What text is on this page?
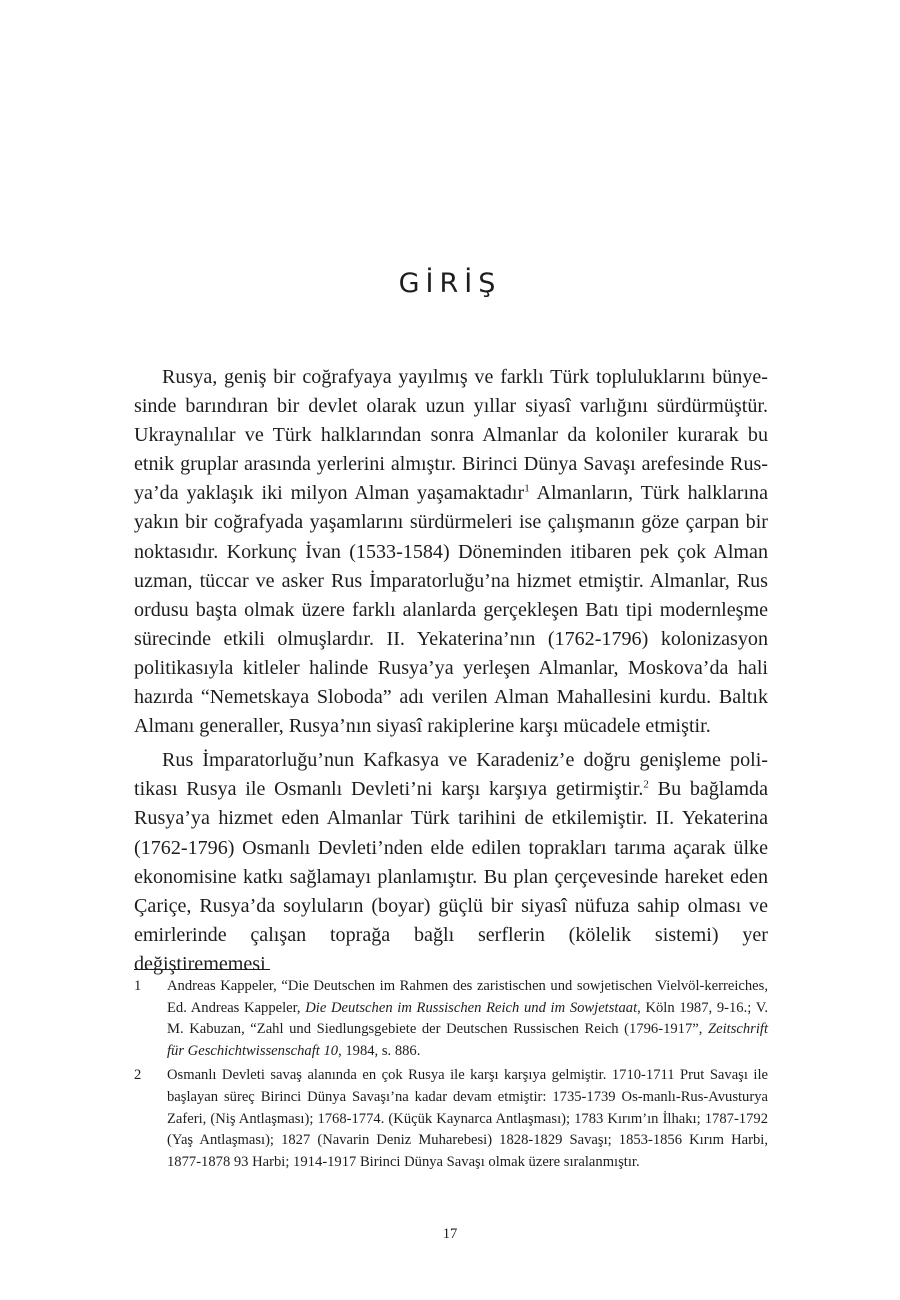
GİRİŞ

Rusya, geniş bir coğrafyaya yayılmış ve farklı Türk topluluklarını bünye-sinde barındıran bir devlet olarak uzun yıllar siyasî varlığını sürdürmüştür. Ukraynalılar ve Türk halklarından sonra Almanlar da koloniler kurarak bu etnik gruplar arasında yerlerini almıştır. Birinci Dünya Savaşı arefesinde Rus-ya’da yaklaşık iki milyon Alman yaşamaktadır$^1$ Almanların, Türk halklarına yakın bir coğrafyada yaşamlarını sürdürmeleri ise çalışmanın göze çarpan bir noktasıdır. Korkunç İvan (1533-1584) Döneminden itibaren pek çok Alman uzman, tüccar ve asker Rus İmparatorluğu’na hizmet etmiştir. Almanlar, Rus ordusu başta olmak üzere farklı alanlarda gerçekleşen Batı tipi modernleşme sürecinde etkili olmuşlardır. II. Yekaterina’nın (1762-1796) kolonizasyon politikasıyla kitleler halinde Rusya’ya yerleşen Almanlar, Moskova’da hali hazırda “Nemetskaya Sloboda” adı verilen Alman Mahallesini kurdu. Baltık Almanı generaller, Rusya’nın siyasî rakiplerine karşı mücadele etmiştir.

Rus İmparatorluğu’nun Kafkasya ve Karadeniz’e doğru genişleme poli-tikası Rusya ile Osmanlı Devleti’ni karşı karşıya getirmiştir.$^2$ Bu bağlamda Rusya’ya hizmet eden Almanlar Türk tarihini de etkilemiştir. II. Yekaterina (1762-1796) Osmanlı Devleti’nden elde edilen toprakları tarıma açarak ülke ekonomisine katkı sağlamayı planlamıştır. Bu plan çerçevesinde hareket eden Çariçe, Rusya’da soyluların (boyar) güçlü bir siyasî nüfuza sahip olması ve emirlerinde çalışan toprağa bağlı serflerin (kölelik sistemi) yer değiştirememesi

1 Andreas Kappeler, “Die Deutschen im Rahmen des zaristischen und sowjetischen Vielvöl-kerreiches, Ed. Andreas Kappeler, Die Deutschen im Russischen Reich und im Sowjetstaat, Köln 1987, 9-16.; V. M. Kabuzan, “Zahl und Siedlungsgebiete der Deutschen Russischen Reich (1796-1917”, Zeitschrift für Geschichtwissenschaft 10, 1984, s. 886.
2 Osmanlı Devleti savaş alanında en çok Rusya ile karşı karşıya gelmiştir. 1710-1711 Prut Savaşı ile başlayan süreç Birinci Dünya Savaşı’na kadar devam etmiştir: 1735-1739 Os-manlı-Rus-Avusturya Zaferi, (Niş Antlaşması); 1768-1774. (Küçük Kaynarca Antlaşması); 1783 Kırım’ın İlhakı; 1787-1792 (Yaş Antlaşması); 1827 (Navarin Deniz Muharebesi) 1828-1829 Savaşı; 1853-1856 Kırım Harbi, 1877-1878 93 Harbi; 1914-1917 Birinci Dünya Savaşı olmak üzere sıralanmıştır.
17
